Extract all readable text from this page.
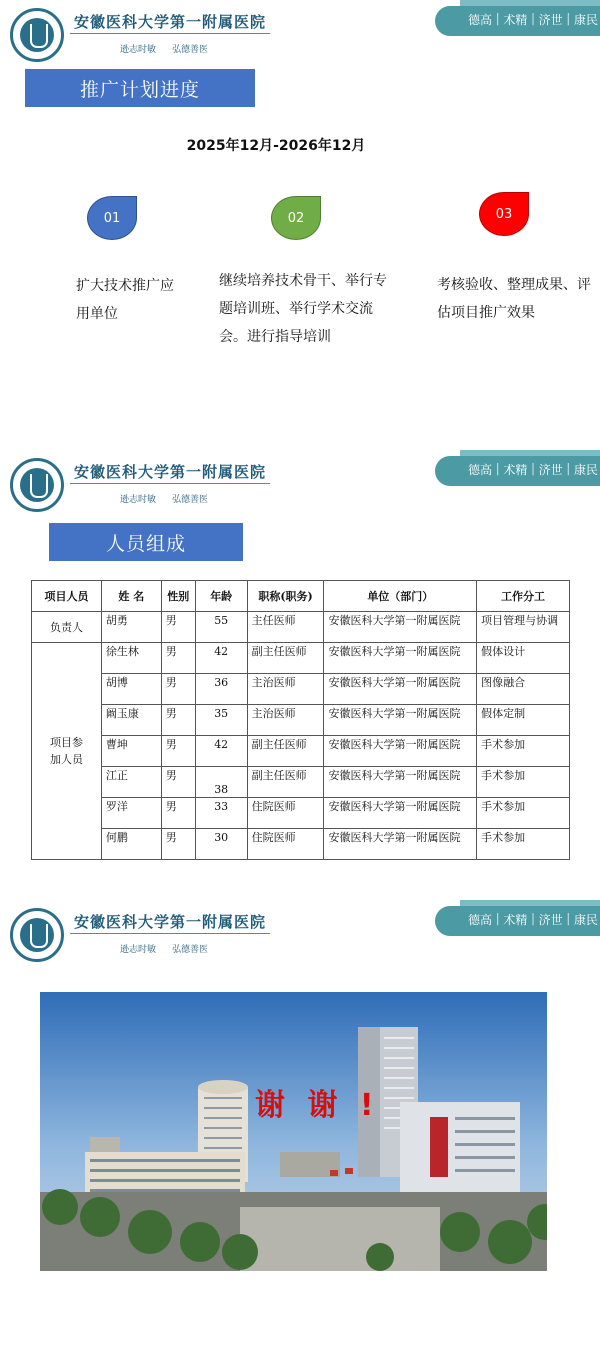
安徽医科大学第一附属医院
逊志时敏 弘德善医
德高 | 术精 | 济世 | 康民
推广计划进度
2025年12月-2026年12月
01	02	03
扩大技术推广应用单位
继续培养技术骨干、举行专题培训班、举行学术交流会。进行指导培训
考核验收、整理成果、评估项目推广效果
安徽医科大学第一附属医院
逊志时敏 弘德善医
德高 | 术精 | 济世 | 康民
人员组成
项目人员	姓 名	性别	年龄	职称(职务)	单位（部门）	工作分工
负责人	胡勇	男	55	主任医师	安徽医科大学第一附属医院	项目管理与协调
项目参加人员	徐生林	男	42	副主任医师	安徽医科大学第一附属医院	假体设计
	胡博	男	36	主治医师	安徽医科大学第一附属医院	图像融合
	阚玉康	男	35	主治医师	安徽医科大学第一附属医院	假体定制
	曹坤	男	42	副主任医师	安徽医科大学第一附属医院	手术参加
	江正	男	38	副主任医师	安徽医科大学第一附属医院	手术参加
	罗洋	男	33	住院医师	安徽医科大学第一附属医院	手术参加
	何鹏	男	30	住院医师	安徽医科大学第一附属医院	手术参加
安徽医科大学第一附属医院
逊志时敏 弘德善医
德高 | 术精 | 济世 | 康民
谢 谢 !
